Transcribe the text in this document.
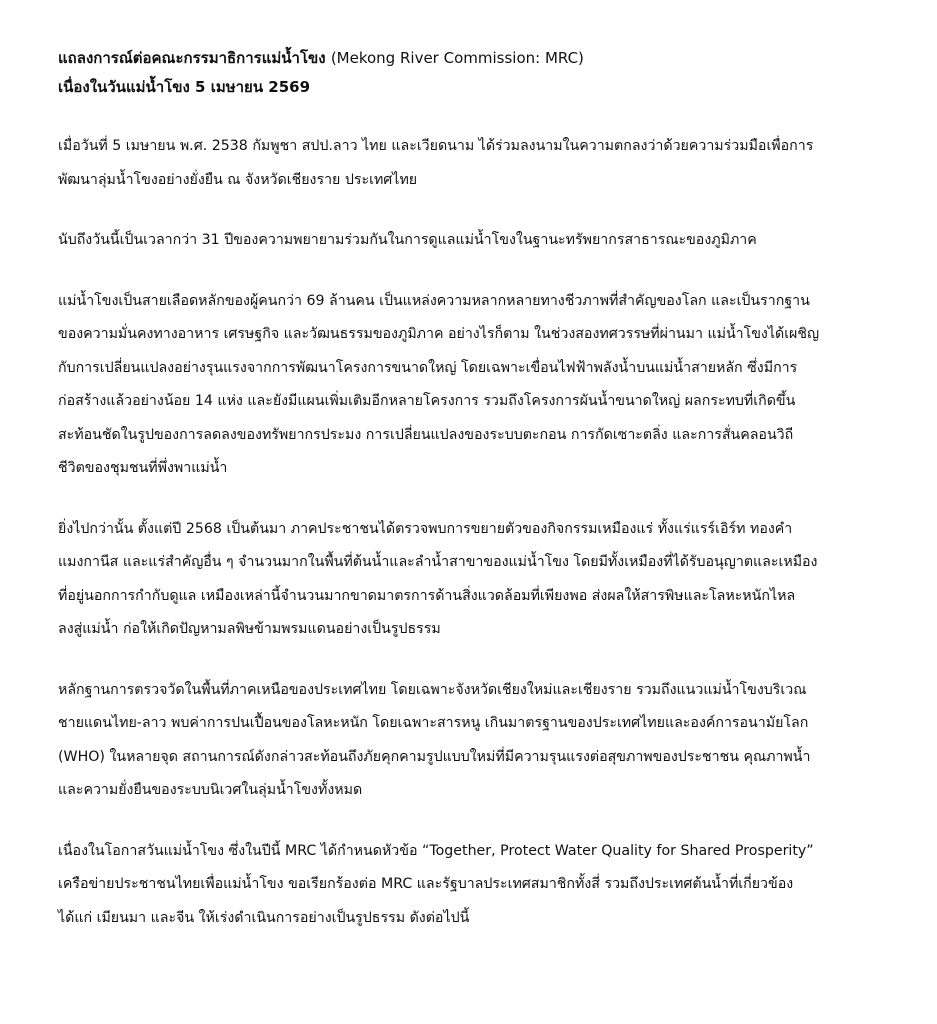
แถลงการณ์ต่อคณะกรรมาธิการแม่น้ำโขง (Mekong River Commission: MRC)
เนื่องในวันแม่น้ำโขง 5 เมษายน 2569
เมื่อวันที่ 5 เมษายน พ.ศ. 2538 กัมพูชา สปป.ลาว ไทย และเวียดนาม ได้ร่วมลงนามในความตกลงว่าด้วยความร่วมมือเพื่อการ
พัฒนาลุ่มน้ำโขงอย่างยั่งยืน ณ จังหวัดเชียงราย ประเทศไทย
นับถึงวันนี้เป็นเวลากว่า 31 ปีของความพยายามร่วมกันในการดูแลแม่น้ำโขงในฐานะทรัพยากรสาธารณะของภูมิภาค
แม่น้ำโขงเป็นสายเลือดหลักของผู้คนกว่า 69 ล้านคน เป็นแหล่งความหลากหลายทางชีวภาพที่สำคัญของโลก และเป็นรากฐาน
ของความมั่นคงทางอาหาร เศรษฐกิจ และวัฒนธรรมของภูมิภาค อย่างไรก็ตาม ในช่วงสองทศวรรษที่ผ่านมา แม่น้ำโขงได้เผชิญ
กับการเปลี่ยนแปลงอย่างรุนแรงจากการพัฒนาโครงการขนาดใหญ่ โดยเฉพาะเขื่อนไฟฟ้าพลังน้ำบนแม่น้ำสายหลัก ซึ่งมีการ
ก่อสร้างแล้วอย่างน้อย 14 แห่ง และยังมีแผนเพิ่มเติมอีกหลายโครงการ รวมถึงโครงการผันน้ำขนาดใหญ่ ผลกระทบที่เกิดขึ้น
สะท้อนชัดในรูปของการลดลงของทรัพยากรประมง การเปลี่ยนแปลงของระบบตะกอน การกัดเซาะตลิ่ง และการสั่นคลอนวิถี
ชีวิตของชุมชนที่พึ่งพาแม่น้ำ
ยิ่งไปกว่านั้น ตั้งแต่ปี 2568 เป็นต้นมา ภาคประชาชนได้ตรวจพบการขยายตัวของกิจกรรมเหมืองแร่ ทั้งแร่แรร์เอิร์ท ทองคำ
แมงกานีส และแร่สำคัญอื่น ๆ จำนวนมากในพื้นที่ต้นน้ำและลำน้ำสาขาของแม่น้ำโขง โดยมีทั้งเหมืองที่ได้รับอนุญาตและเหมือง
ที่อยู่นอกการกำกับดูแล เหมืองเหล่านี้จำนวนมากขาดมาตรการด้านสิ่งแวดล้อมที่เพียงพอ ส่งผลให้สารพิษและโลหะหนักไหล
ลงสู่แม่น้ำ ก่อให้เกิดปัญหามลพิษข้ามพรมแดนอย่างเป็นรูปธรรม
หลักฐานการตรวจวัดในพื้นที่ภาคเหนือของประเทศไทย โดยเฉพาะจังหวัดเชียงใหม่และเชียงราย รวมถึงแนวแม่น้ำโขงบริเวณ
ชายแดนไทย-ลาว พบค่าการปนเปื้อนของโลหะหนัก โดยเฉพาะสารหนู เกินมาตรฐานของประเทศไทยและองค์การอนามัยโลก
(WHO) ในหลายจุด สถานการณ์ดังกล่าวสะท้อนถึงภัยคุกคามรูปแบบใหม่ที่มีความรุนแรงต่อสุขภาพของประชาชน คุณภาพน้ำ
และความยั่งยืนของระบบนิเวศในลุ่มน้ำโขงทั้งหมด
เนื่องในโอกาสวันแม่น้ำโขง ซึ่งในปีนี้ MRC ได้กำหนดหัวข้อ “Together, Protect Water Quality for Shared Prosperity”
เครือข่ายประชาชนไทยเพื่อแม่น้ำโขง ขอเรียกร้องต่อ MRC และรัฐบาลประเทศสมาชิกทั้งสี่ รวมถึงประเทศต้นน้ำที่เกี่ยวข้อง
ได้แก่ เมียนมา และจีน ให้เร่งดำเนินการอย่างเป็นรูปธรรม ดังต่อไปนี้
